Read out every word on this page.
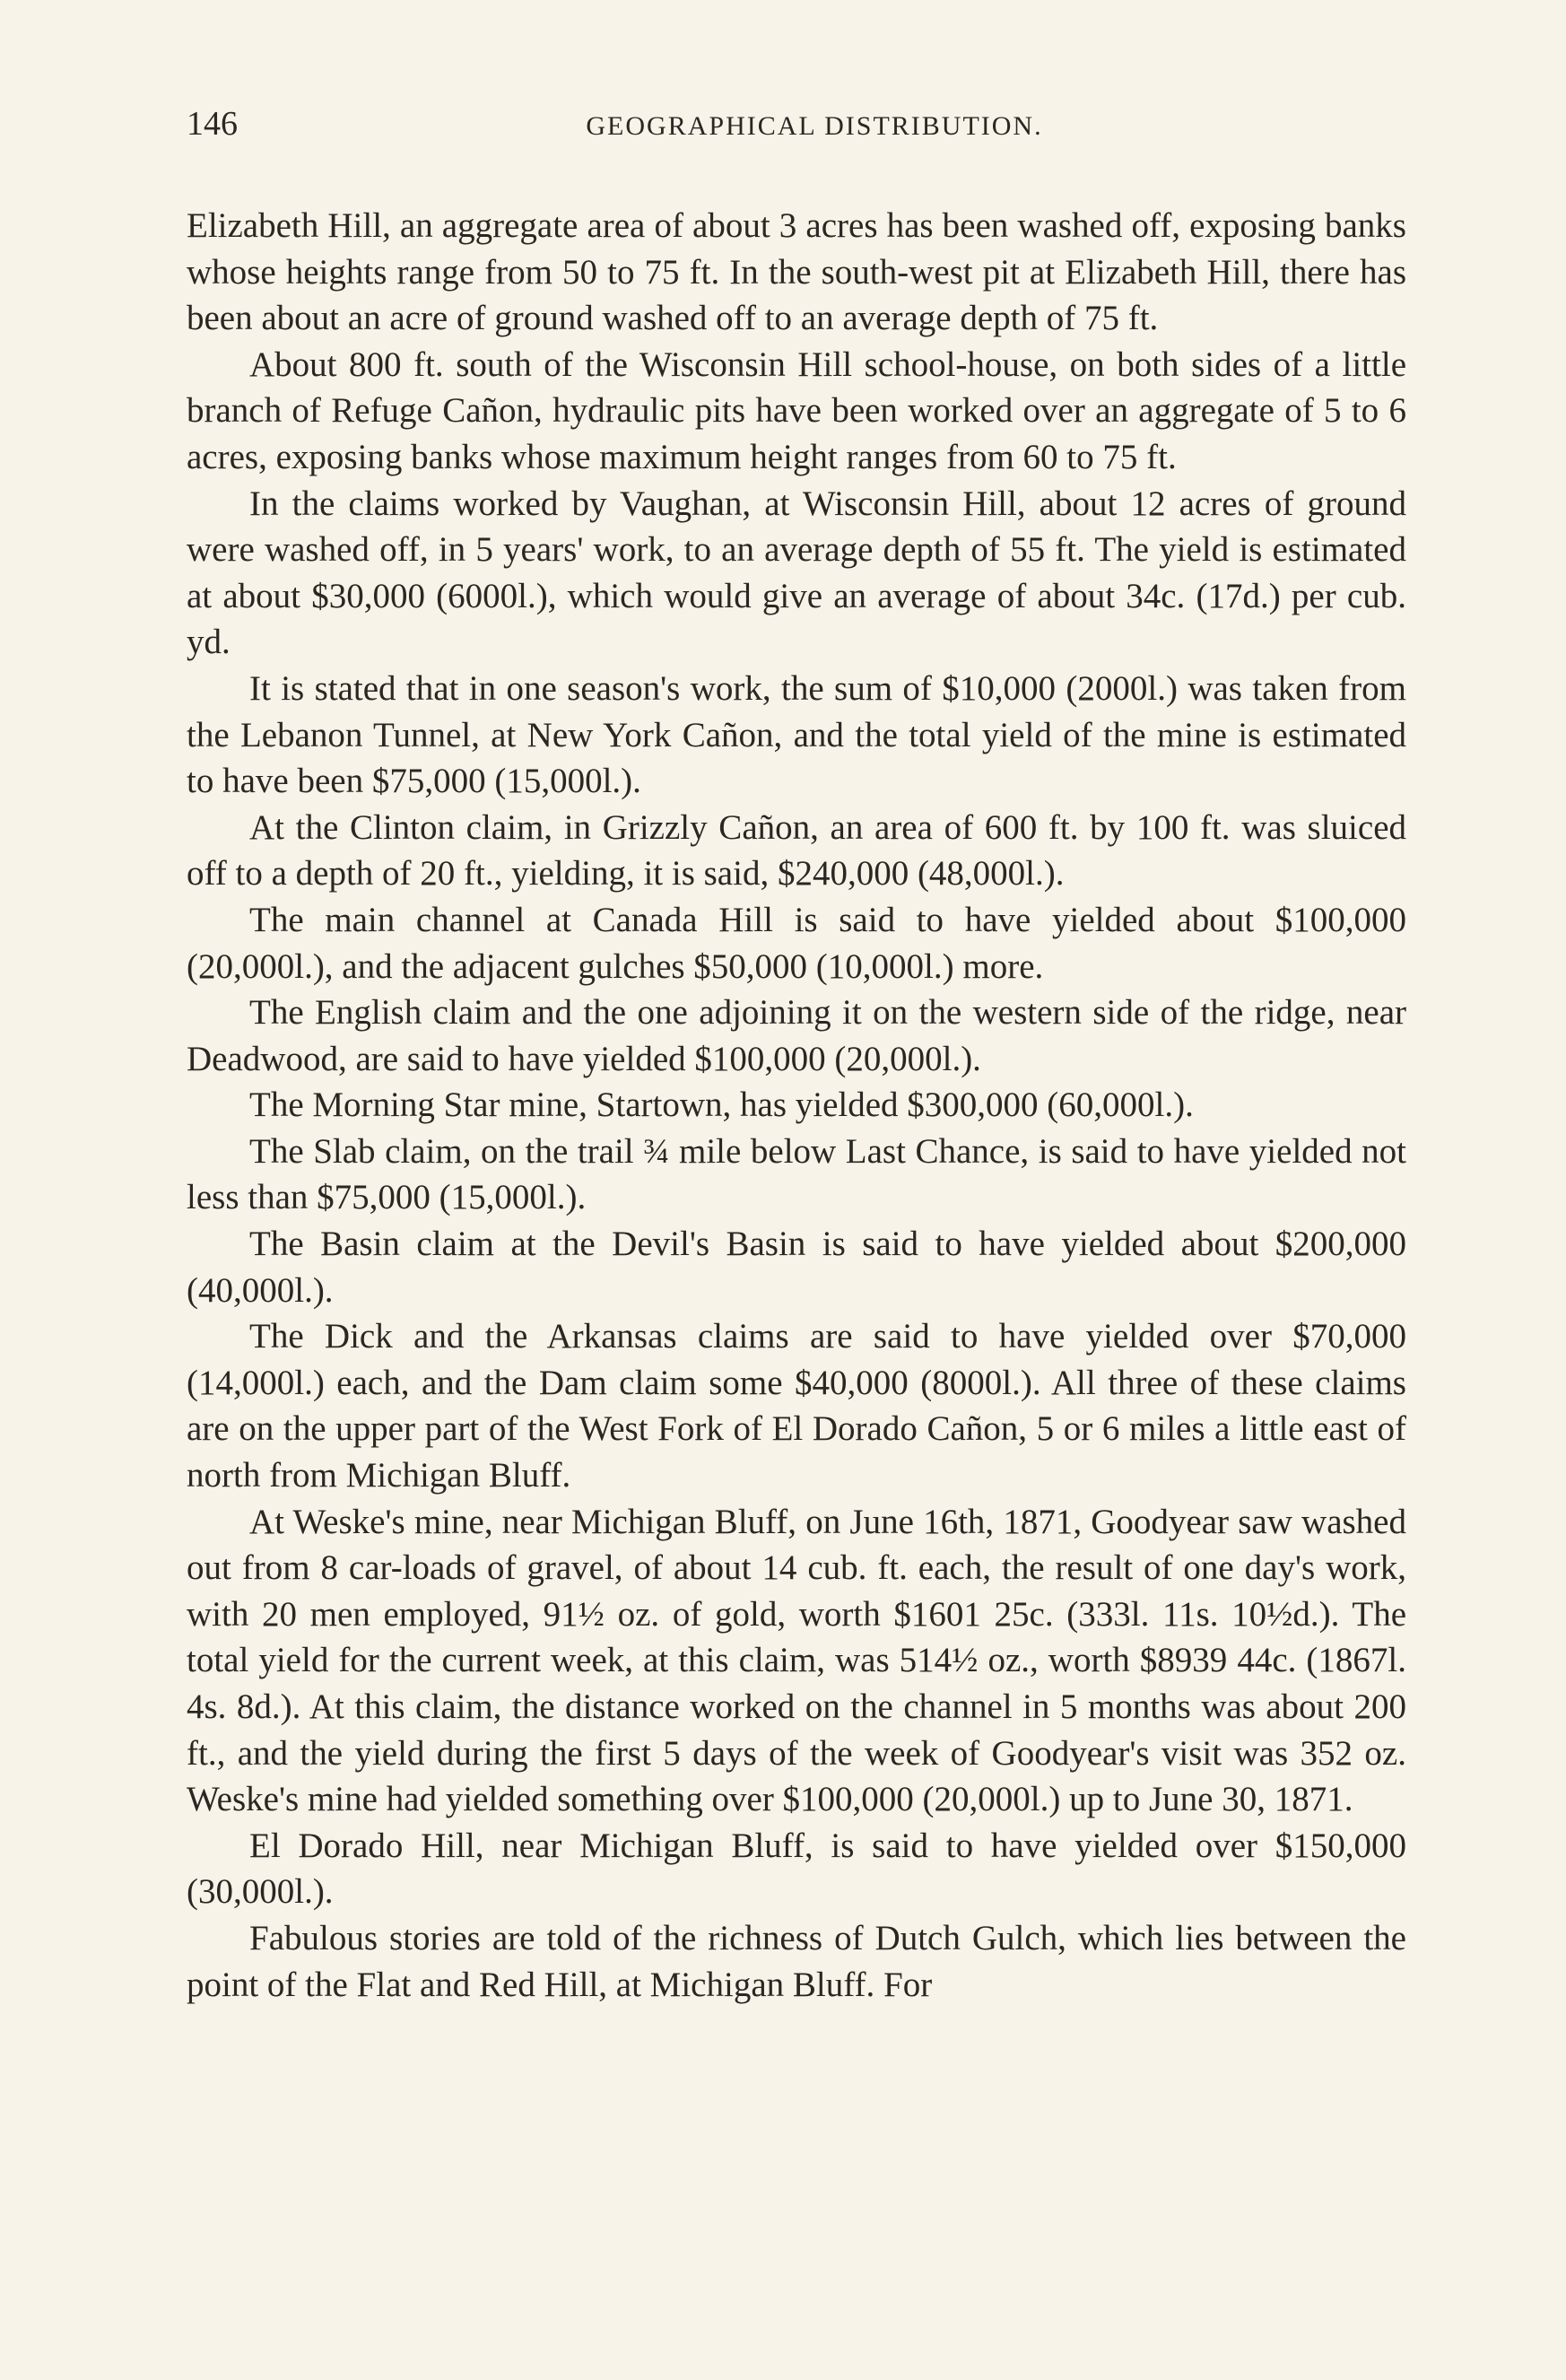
146	GEOGRAPHICAL DISTRIBUTION.

Elizabeth Hill, an aggregate area of about 3 acres has been washed off, exposing banks whose heights range from 50 to 75 ft. In the south-west pit at Elizabeth Hill, there has been about an acre of ground washed off to an average depth of 75 ft.

About 800 ft. south of the Wisconsin Hill school-house, on both sides of a little branch of Refuge Cañon, hydraulic pits have been worked over an aggregate of 5 to 6 acres, exposing banks whose maximum height ranges from 60 to 75 ft.

In the claims worked by Vaughan, at Wisconsin Hill, about 12 acres of ground were washed off, in 5 years' work, to an average depth of 55 ft. The yield is estimated at about $30,000 (6000l.), which would give an average of about 34c. (17d.) per cub. yd.

It is stated that in one season's work, the sum of $10,000 (2000l.) was taken from the Lebanon Tunnel, at New York Cañon, and the total yield of the mine is estimated to have been $75,000 (15,000l.).

At the Clinton claim, in Grizzly Cañon, an area of 600 ft. by 100 ft. was sluiced off to a depth of 20 ft., yielding, it is said, $240,000 (48,000l.).

The main channel at Canada Hill is said to have yielded about $100,000 (20,000l.), and the adjacent gulches $50,000 (10,000l.) more.

The English claim and the one adjoining it on the western side of the ridge, near Deadwood, are said to have yielded $100,000 (20,000l.).

The Morning Star mine, Startown, has yielded $300,000 (60,000l.).

The Slab claim, on the trail ¾ mile below Last Chance, is said to have yielded not less than $75,000 (15,000l.).

The Basin claim at the Devil's Basin is said to have yielded about $200,000 (40,000l.).

The Dick and the Arkansas claims are said to have yielded over $70,000 (14,000l.) each, and the Dam claim some $40,000 (8000l.). All three of these claims are on the upper part of the West Fork of El Dorado Cañon, 5 or 6 miles a little east of north from Michigan Bluff.

At Weske's mine, near Michigan Bluff, on June 16th, 1871, Goodyear saw washed out from 8 car-loads of gravel, of about 14 cub. ft. each, the result of one day's work, with 20 men employed, 91½ oz. of gold, worth $1601 25c. (333l. 11s. 10½d.). The total yield for the current week, at this claim, was 514½ oz., worth $8939 44c. (1867l. 4s. 8d.). At this claim, the distance worked on the channel in 5 months was about 200 ft., and the yield during the first 5 days of the week of Goodyear's visit was 352 oz. Weske's mine had yielded something over $100,000 (20,000l.) up to June 30, 1871.

El Dorado Hill, near Michigan Bluff, is said to have yielded over $150,000 (30,000l.).

Fabulous stories are told of the richness of Dutch Gulch, which lies between the point of the Flat and Red Hill, at Michigan Bluff. For
